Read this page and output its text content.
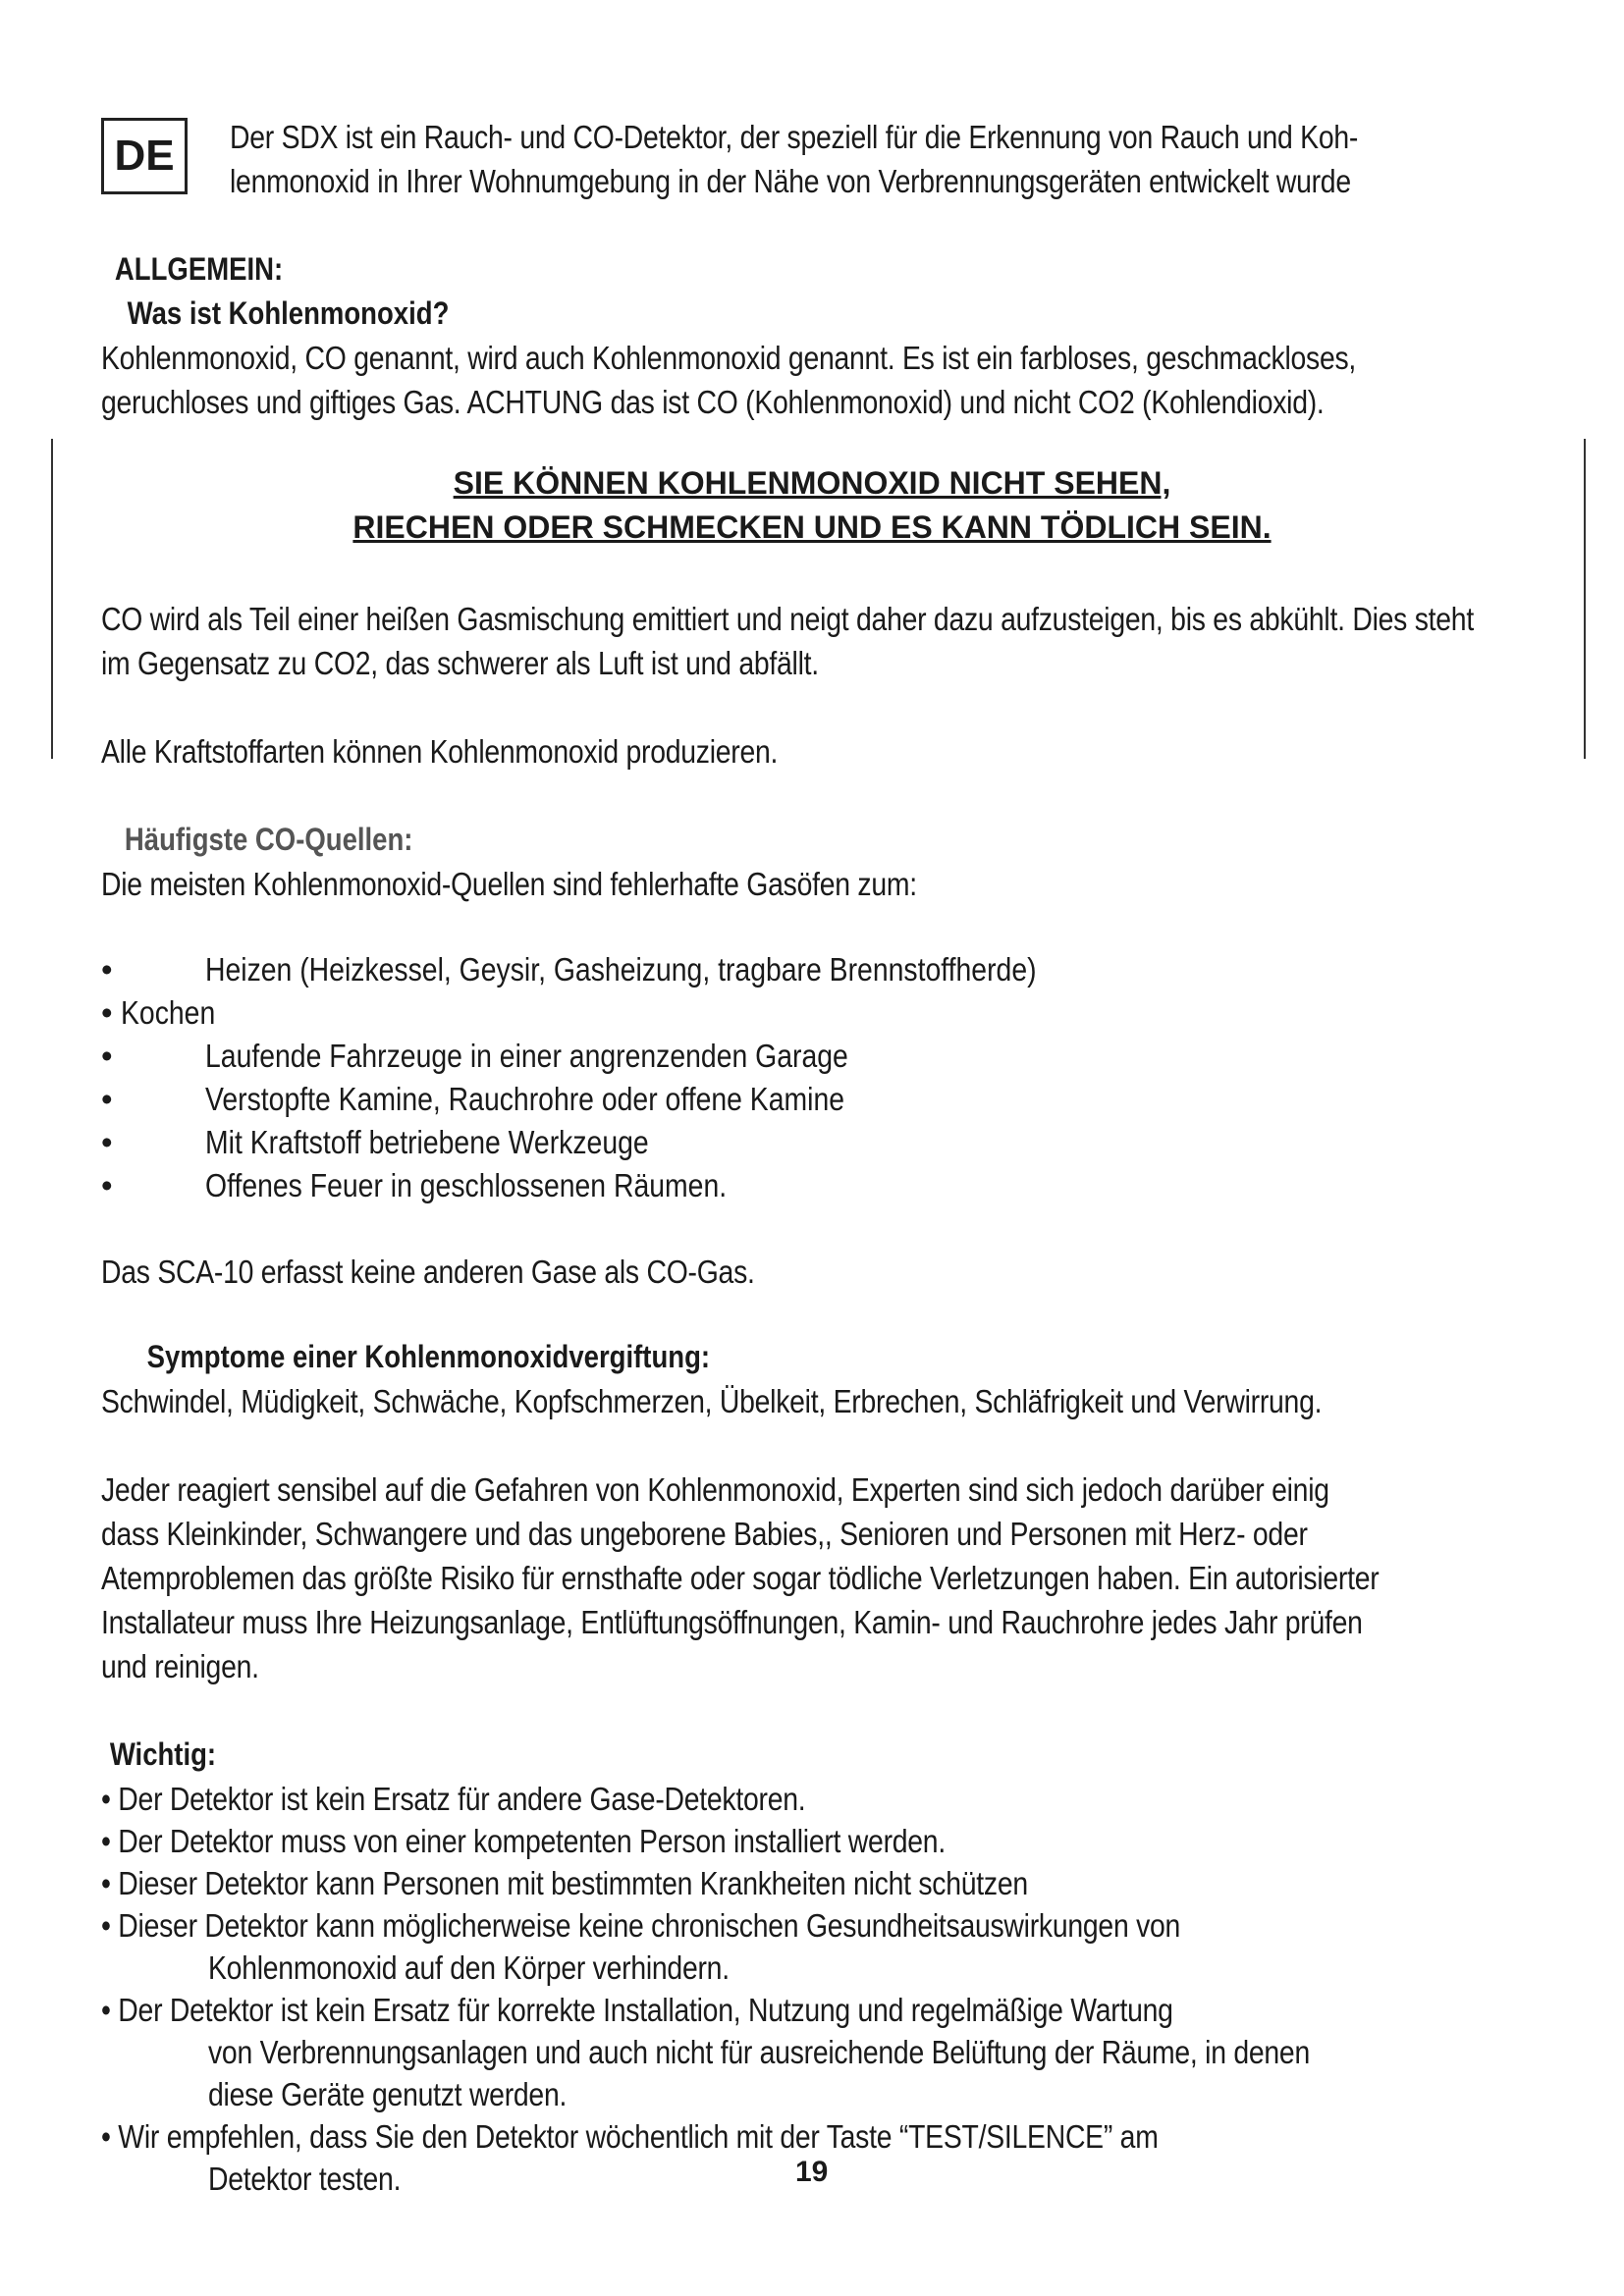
DE	Der SDX ist ein Rauch- und CO-Detektor, der speziell für die Erkennung von Rauch und Koh-
lenmonoxid in Ihrer Wohnumgebung in der Nähe von Verbrennungsgeräten entwickelt wurde
ALLGEMEIN:
Was ist Kohlenmonoxid?
Kohlenmonoxid, CO genannt, wird auch Kohlenmonoxid genannt. Es ist ein farbloses, geschmackloses,
geruchloses und giftiges Gas. ACHTUNG das ist CO (Kohlenmonoxid) und nicht CO2 (Kohlendioxid).
SIE KÖNNEN KOHLENMONOXID NICHT SEHEN,
RIECHEN ODER SCHMECKEN UND ES KANN TÖDLICH SEIN.
CO wird als Teil einer heißen Gasmischung emittiert und neigt daher dazu aufzusteigen, bis es abkühlt. Dies steht
im Gegensatz zu CO2, das schwerer als Luft ist und abfällt.
Alle Kraftstoffarten können Kohlenmonoxid produzieren.
Häufigste CO-Quellen:
Die meisten Kohlenmonoxid-Quellen sind fehlerhafte Gasöfen zum:
•	Heizen (Heizkessel, Geysir, Gasheizung, tragbare Brennstoffherde)
• Kochen
•	Laufende Fahrzeuge in einer angrenzenden Garage
•	Verstopfte Kamine, Rauchrohre oder offene Kamine
•	Mit Kraftstoff betriebene Werkzeuge
•	Offenes Feuer in geschlossenen Räumen.
Das SCA-10 erfasst keine anderen Gase als CO-Gas.
Symptome einer Kohlenmonoxidvergiftung:
Schwindel, Müdigkeit, Schwäche, Kopfschmerzen, Übelkeit, Erbrechen, Schläfrigkeit und Verwirrung.
Jeder reagiert sensibel auf die Gefahren von Kohlenmonoxid, Experten sind sich jedoch darüber einig
dass Kleinkinder, Schwangere und das ungeborene Babies,, Senioren und Personen mit Herz- oder
Atemproblemen das größte Risiko für ernsthafte oder sogar tödliche Verletzungen haben. Ein autorisierter
Installateur muss Ihre Heizungsanlage, Entlüftungsöffnungen, Kamin- und Rauchrohre jedes Jahr prüfen
und reinigen.
Wichtig:
• Der Detektor ist kein Ersatz für andere Gase-Detektoren.
• Der Detektor muss von einer kompetenten Person installiert werden.
• Dieser Detektor kann Personen mit bestimmten Krankheiten nicht schützen
• Dieser Detektor kann möglicherweise keine chronischen Gesundheitsauswirkungen von
Kohlenmonoxid auf den Körper verhindern.
• Der Detektor ist kein Ersatz für korrekte Installation, Nutzung und regelmäßige Wartung
von Verbrennungsanlagen und auch nicht für ausreichende Belüftung der Räume, in denen
diese Geräte genutzt werden.
• Wir empfehlen, dass Sie den Detektor wöchentlich mit der Taste “TEST/SILENCE” am
Detektor testen.	19
